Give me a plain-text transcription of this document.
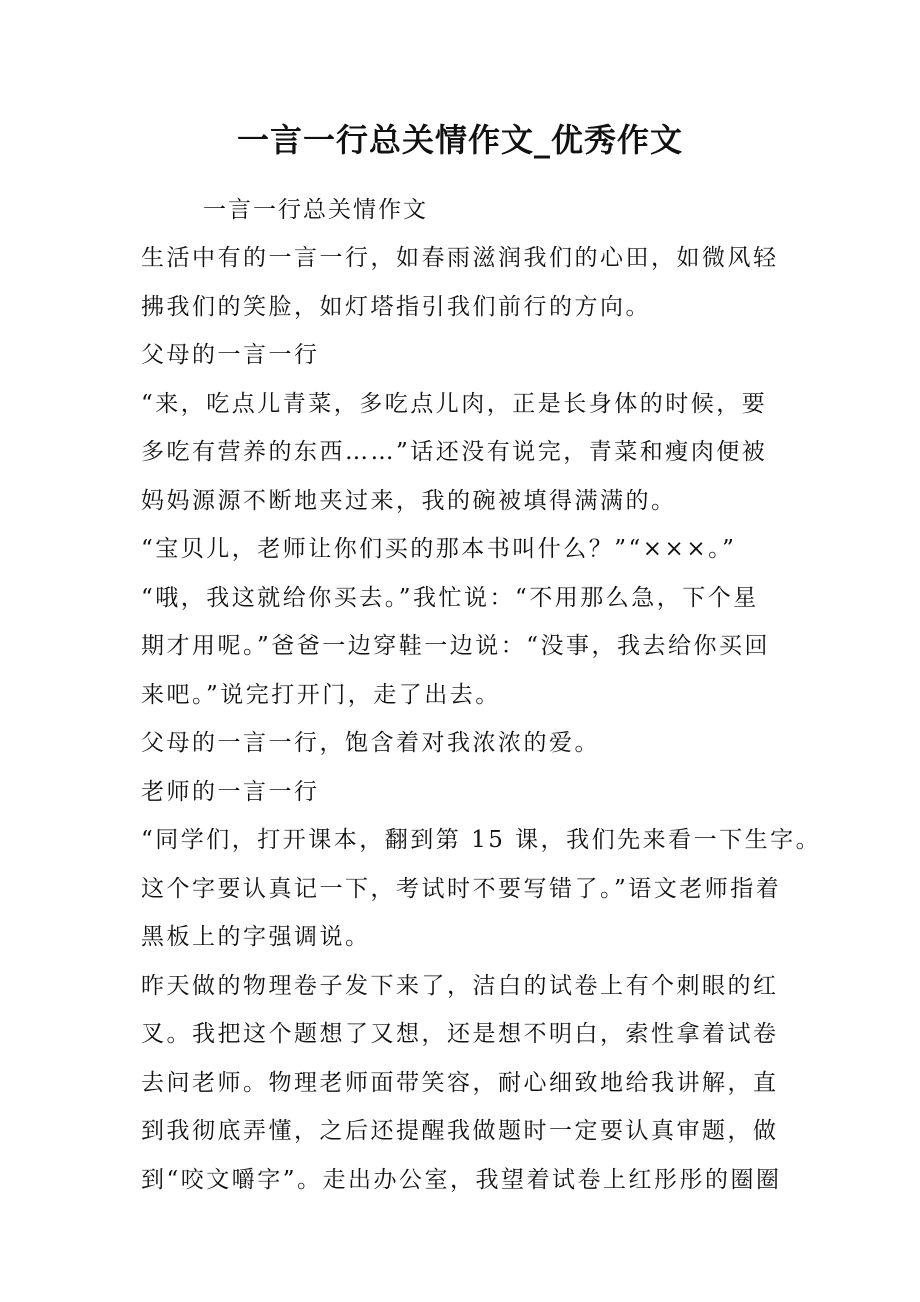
一言一行总关情作文_优秀作文
一言一行总关情作文
生活中有的一言一行，如春雨滋润我们的心田，如微风轻
拂我们的笑脸，如灯塔指引我们前行的方向。
父母的一言一行
“来，吃点儿青菜，多吃点儿肉，正是长身体的时候，要
多吃有营养的东西……”话还没有说完，青菜和瘦肉便被
妈妈源源不断地夹过来，我的碗被填得满满的。
“宝贝儿，老师让你们买的那本书叫什么？”“×××。”
“哦，我这就给你买去。”我忙说：“不用那么急，下个星
期才用呢。”爸爸一边穿鞋一边说：“没事，我去给你买回
来吧。”说完打开门，走了出去。
父母的一言一行，饱含着对我浓浓的爱。
老师的一言一行
“同学们，打开课本，翻到第 15 课，我们先来看一下生字。
这个字要认真记一下，考试时不要写错了。”语文老师指着
黑板上的字强调说。
昨天做的物理卷子发下来了，洁白的试卷上有个刺眼的红
叉。我把这个题想了又想，还是想不明白，索性拿着试卷
去问老师。物理老师面带笑容，耐心细致地给我讲解，直
到我彻底弄懂，之后还提醒我做题时一定要认真审题，做
到“咬文嚼字”。走出办公室，我望着试卷上红彤彤的圈圈
